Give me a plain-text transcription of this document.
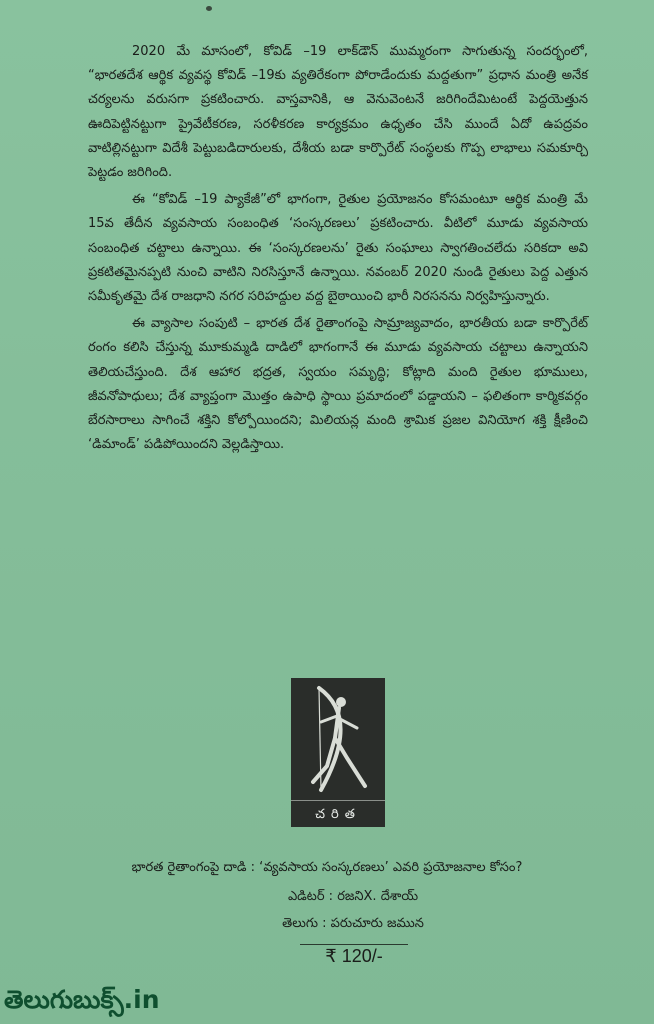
2020 మే మాసంలో, కోవిడ్ –19 లాక్‌డౌన్ ముమ్మరంగా సాగుతున్న సందర్భంలో, “భారతదేశ ఆర్థిక వ్యవస్థ కోవిడ్ –19కు వ్యతిరేకంగా పోరాడేందుకు మద్దతుగా” ప్రధాన మంత్రి అనేక చర్యలను వరుసగా ప్రకటించారు. వాస్తవానికి, ఆ వెనువెంటనే జరిగిందేమిటంటే పెద్దయెత్తున ఊదిపెట్టినట్టుగా ప్రైవేటీకరణ, సరళీకరణ కార్యక్రమం ఉధృతం చేసి ముందే ఏదో ఉపద్రవం వాటిల్లినట్టుగా విదేశీ పెట్టుబడిదారులకు, దేశీయ బడా కార్పొరేట్ సంస్థలకు గొప్ప లాభాలు సమకూర్చి పెట్టడం జరిగింది.

ఈ “కోవిడ్ –19 ప్యాకేజీ”లో భాగంగా, రైతుల ప్రయోజనం కోసమంటూ ఆర్థిక మంత్రి మే 15వ తేదీన వ్యవసాయ సంబంధిత ‘సంస్కరణలు’ ప్రకటించారు. వీటిలో మూడు వ్యవసాయ సంబంధిత చట్టాలు ఉన్నాయి. ఈ ‘సంస్కరణలను’ రైతు సంఘాలు స్వాగతించలేదు సరికదా అవి ప్రకటితమైనప్పటి నుంచి వాటిని నిరసిస్తూనే ఉన్నాయి. నవంబర్ 2020 నుండి రైతులు పెద్ద ఎత్తున సమీకృతమై దేశ రాజధాని నగర సరిహద్దుల వద్ద బైఠాయించి భారీ నిరసనను నిర్వహిస్తున్నారు.

ఈ వ్యాసాల సంపుటి – భారత దేశ రైతాంగంపై సామ్రాజ్యవాదం, భారతీయ బడా కార్పొరేట్ రంగం కలిసి చేస్తున్న మూకుమ్మడి దాడిలో భాగంగానే ఈ మూడు వ్యవసాయ చట్టాలు ఉన్నాయని తెలియచేస్తుంది. దేశ ఆహార భద్రత, స్వయం సమృద్ధి; కోట్లాది మంది రైతుల భూములు, జీవనోపాధులు; దేశ వ్యాప్తంగా మొత్తం ఉపాధి స్థాయి ప్రమాదంలో పడ్డాయని – ఫలితంగా కార్మికవర్గం బేరసారాలు సాగించే శక్తిని కోల్పోయిందని; మిలియన్ల మంది శ్రామిక ప్రజల వినియోగ శక్తి క్షీణించి ‘డిమాండ్’ పడిపోయిందని వెల్లడిస్తాయి.

చరిత
భారత రైతాంగంపై దాడి : ‘వ్యవసాయ సంస్కరణలు’ ఎవరి ప్రయోజనాల కోసం?
ఎడిటర్ : రజనిX. దేశాయ్
తెలుగు : పరుచూరు జమున
₹ 120/-
తెలుగుబుక్స్.in
